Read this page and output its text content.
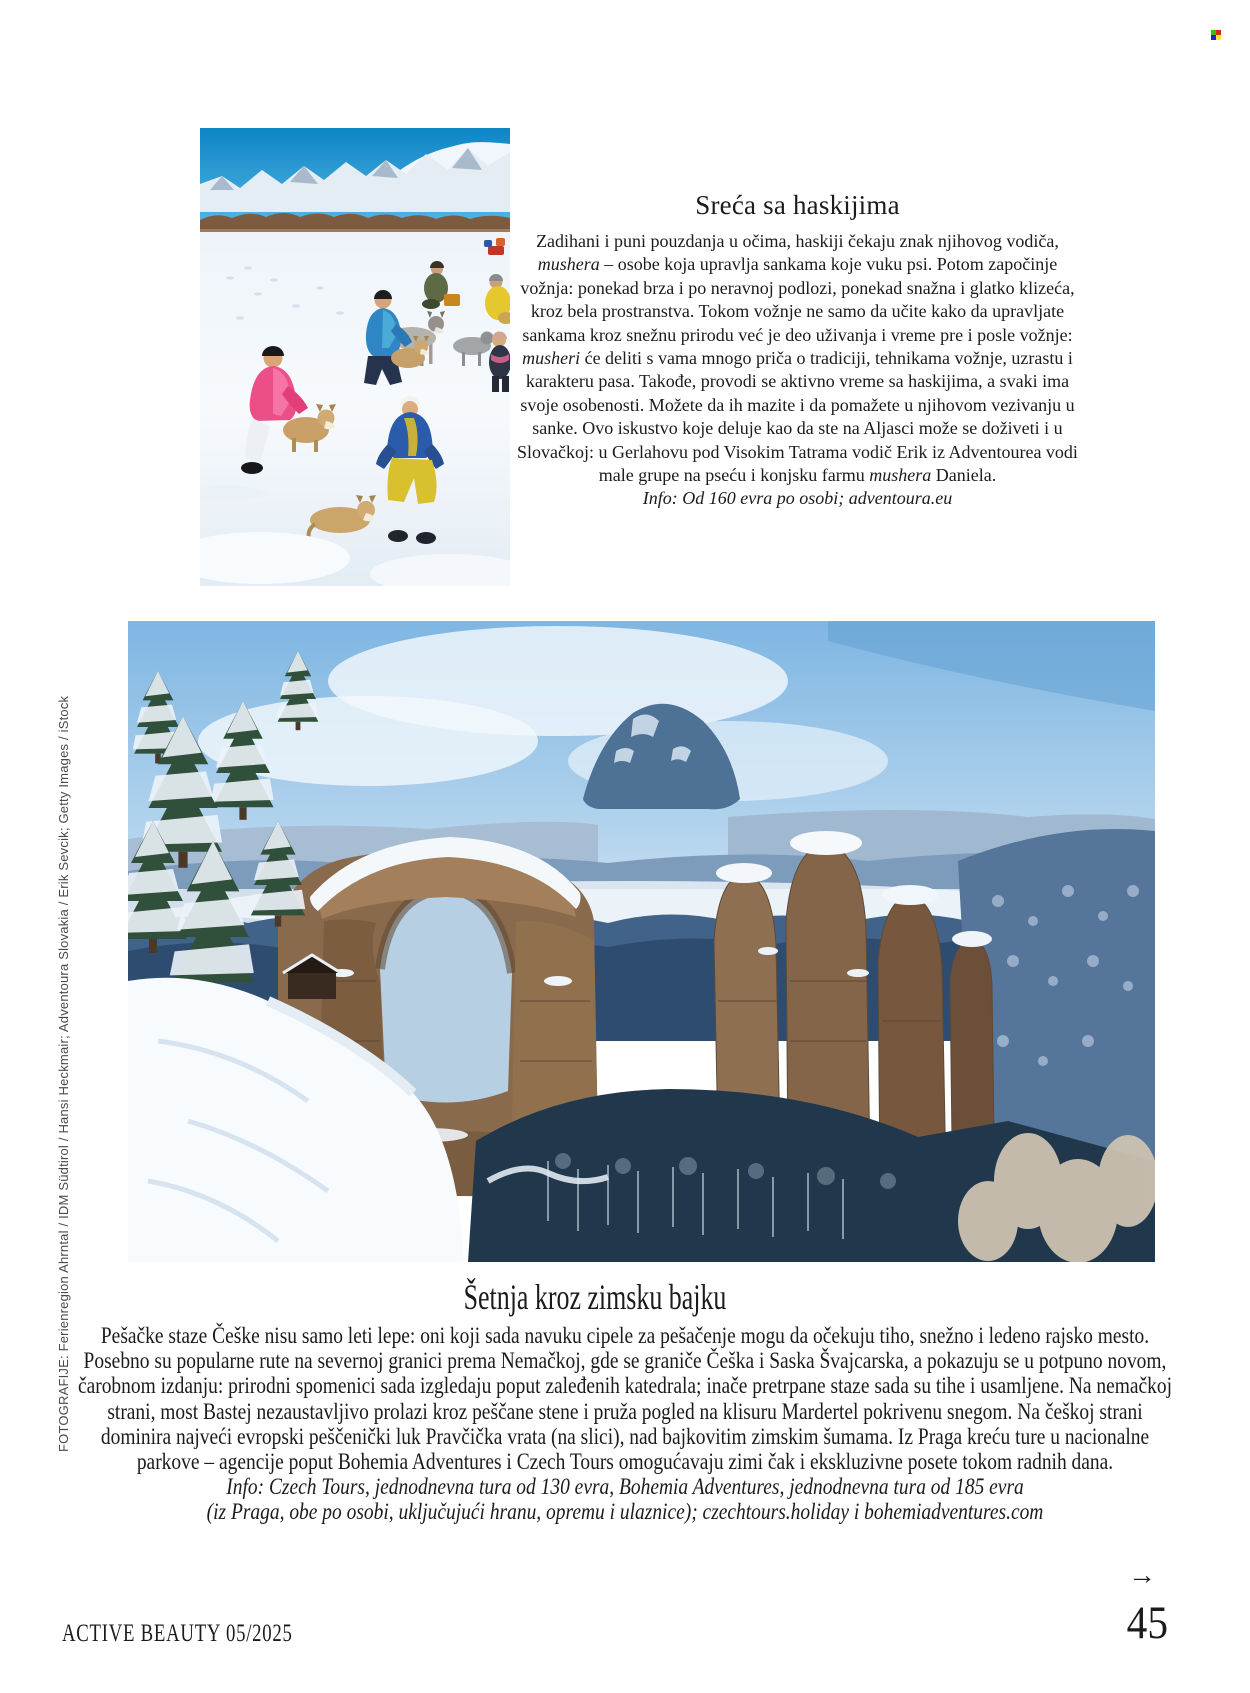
Sreća sa haskijima

Zadihani i puni pouzdanja u očima, haskiji čekaju znak njihovog vodiča, mushera – osobe koja upravlja sankama koje vuku psi. Potom započinje vožnja: ponekad brza i po neravnoj podlozi, ponekad snažna i glatko klizeća, kroz bela prostranstva. Tokom vožnje ne samo da učite kako da upravljate sankama kroz snežnu prirodu već je deo uživanja i vreme pre i posle vožnje: musheri će deliti s vama mnogo priča o tradiciji, tehnikama vožnje, uzrastu i karakteru pasa. Takođe, provodi se aktivno vreme sa haskijima, a svaki ima svoje osobenosti. Možete da ih mazite i da pomažete u njihovom vezivanju u sanke. Ovo iskustvo koje deluje kao da ste na Aljasci može se doživeti i u Slovačkoj: u Gerlahovu pod Visokim Tatrama vodič Erik iz Adventourea vodi male grupe na pseću i konjsku farmu mushera Daniela.

Info: Od 160 evra po osobi; adventoura.eu

Šetnja kroz zimsku bajku

Pešačke staze Češke nisu samo leti lepe: oni koji sada navuku cipele za pešačenje mogu da očekuju tiho, snežno i ledeno rajsko mesto. Posebno su popularne rute na severnoj granici prema Nemačkoj, gde se graniče Češka i Saska Švajcarska, a pokazuju se u potpuno novom, čarobnom izdanju: prirodni spomenici sada izgledaju poput zaleđenih katedrala; inače pretrpane staze sada su tihe i usamljene. Na nemačkoj strani, most Bastej nezaustavljivo prolazi kroz peščane stene i pruža pogled na klisuru Mardertel pokrivenu snegom. Na češkoj strani dominira najveći evropski peščenički luk Pravčička vrata (na slici), nad bajkovitim zimskim šumama. Iz Praga kreću ture u nacionalne parkove – agencije poput Bohemia Adventures i Czech Tours omogućavaju zimi čak i ekskluzivne posete tokom radnih dana.

Info: Czech Tours, jednodnevna tura od 130 evra, Bohemia Adventures, jednodnevna tura od 185 evra

(iz Praga, obe po osobi, uključujući hranu, opremu i ulaznice); czechtours.holiday i bohemiadventures.com

FOTOGRAFIJE: Ferienregion Ahrntal / IDM Südtirol / Hansi Heckmair; Adventoura Slovakia / Erik Sevcik; Getty Images / iStock
ACTIVE BEAUTY 05/2025
→
45
